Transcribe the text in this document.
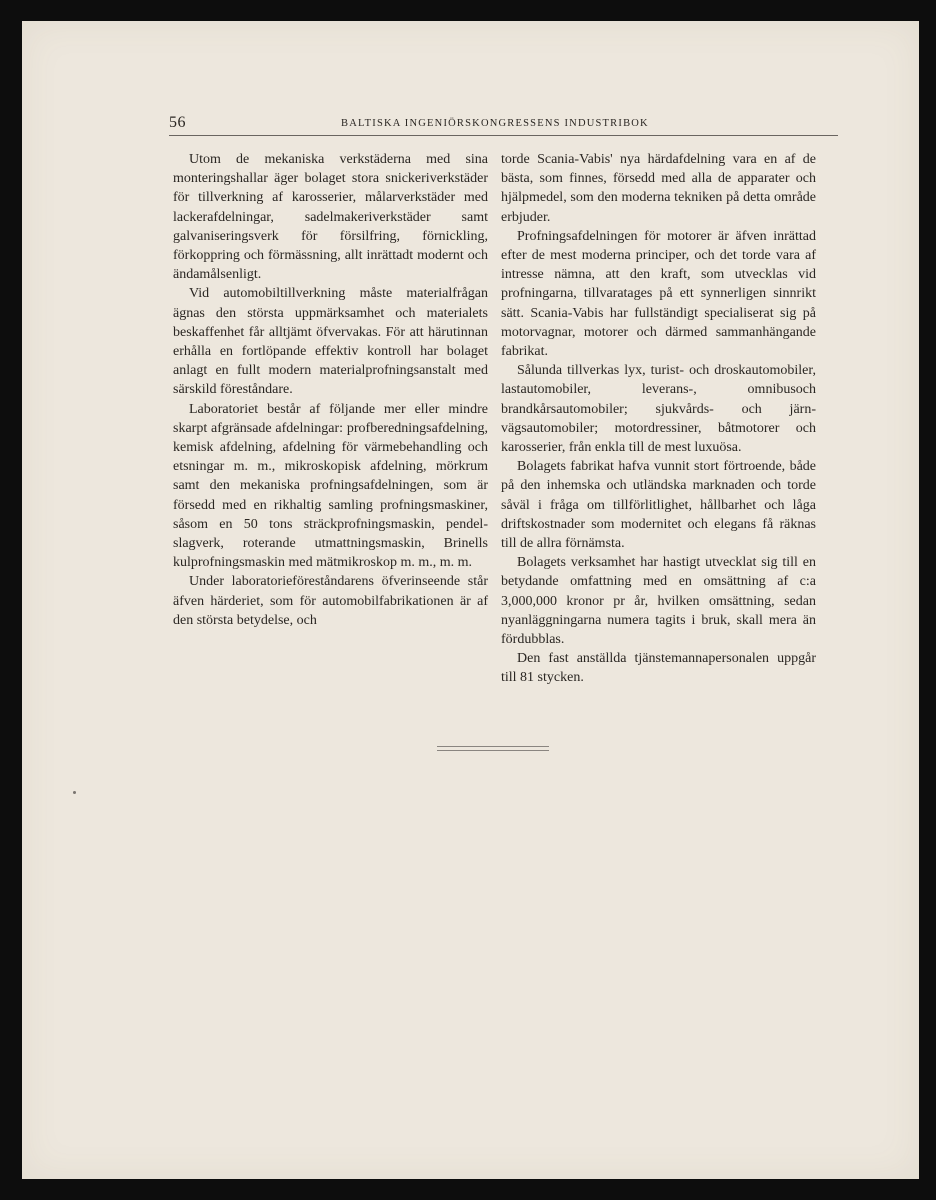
56	BALTISKA INGENIÖRSKONGRESSENS INDUSTRIBOK

Utom de mekaniska verkstäderna med sina monteringshallar äger bolaget stora snickeriverkstäder för tillverkning af karosserier, målarverkstäder med lackerafdelningar, sadelmakeriverkstäder samt galvaniseringsverk för försilfring, förnickling, förkoppring och förmässning, allt inrättadt modernt och ändamålsenligt.

Vid automobiltillverkning måste materialfrågan ägnas den största uppmärksamhet och materialets beskaffenhet får alltjämt öfvervakas. För att härutinnan erhålla en fortlöpande effektiv kontroll har bolaget anlagt en fullt modern materialprofningsanstalt med särskild föreståndare.

Laboratoriet består af följande mer eller mindre skarpt afgränsade afdelningar: profberedningsafdelning, kemisk afdelning, afdelning för värmebehandling och etsningar m. m., mikroskopisk afdelning, mörkrum samt den mekaniska profningsafdelningen, som är försedd med en rikhaltig samling profningsmaskiner, såsom en 50 tons sträckprofningsmaskin, pendelslagverk, roterande utmattningsmaskin, Brinells kulprofningsmaskin med mätmikroskop m. m., m. m.

Under laboratorieföreståndarens öfverinseende står äfven härderiet, som för automobilfabrikationen är af den största betydelse, och

torde Scania-Vabis' nya härdafdelning vara en af de bästa, som finnes, försedd med alla de apparater och hjälpmedel, som den moderna tekniken på detta område erbjuder.

Profningsafdelningen för motorer är äfven inrättad efter de mest moderna principer, och det torde vara af intresse nämna, att den kraft, som utvecklas vid profningarna, tillvaratages på ett synnerligen sinnrikt sätt. Scania-Vabis har fullständigt specialiserat sig på motorvagnar, motorer och därmed sammanhängande fabrikat.

Sålunda tillverkas lyx, turist- och droskautomobiler, lastautomobiler, leverans-, omnibusoch brandkårsautomobiler; sjukvårds- och järnvägsautomobiler; motordressiner, båtmotorer och karosserier, från enkla till de mest luxuösa.

Bolagets fabrikat hafva vunnit stort förtroende, både på den inhemska och utländska marknaden och torde såväl i fråga om tillförlitlighet, hållbarhet och låga driftskostnader som modernitet och elegans få räknas till de allra förnämsta.

Bolagets verksamhet har hastigt utvecklat sig till en betydande omfattning med en omsättning af c:a 3,000,000 kronor pr år, hvilken omsättning, sedan nyanläggningarna numera tagits i bruk, skall mera än fördubblas.

Den fast anställda tjänstemannapersonalen uppgår till 81 stycken.
